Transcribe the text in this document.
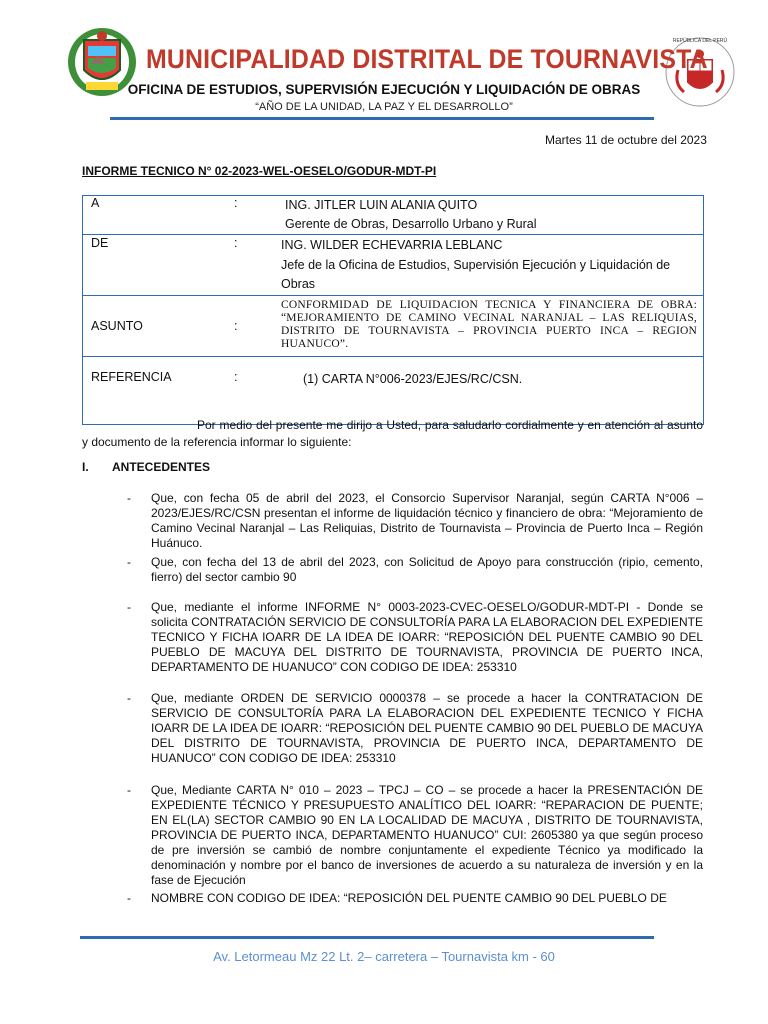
REPÚBLICA DEL PERÚ
MUNICIPALIDAD DISTRITAL DE TOURNAVISTA
OFICINA DE ESTUDIOS, SUPERVISIÓN EJECUCIÓN Y LIQUIDACIÓN DE OBRAS
“AÑO DE LA UNIDAD, LA PAZ Y EL DESARROLLO”
Martes 11 de octubre del 2023
INFORME TECNICO N° 02-2023-WEL-OESELO/GODUR-MDT-PI
A	:	ING. JITLER LUIN ALANIA QUITO
Gerente de Obras, Desarrollo Urbano y Rural

DE	:	ING. WILDER ECHEVARRIA LEBLANC
Jefe de la Oficina de Estudios, Supervisión Ejecución y Liquidación de Obras

ASUNTO	:	CONFORMIDAD DE LIQUIDACION TECNICA Y FINANCIERA DE OBRA: “MEJORAMIENTO DE CAMINO VECINAL NARANJAL – LAS RELIQUIAS, DISTRITO DE TOURNAVISTA – PROVINCIA PUERTO INCA – REGION HUANUCO”.
REFERENCIA	:	(1) CARTA N°006-2023/EJES/RC/CSN.
Por medio del presente me dirijo a Usted, para saludarlo cordialmente y en atención al asunto y documento de la referencia informar lo siguiente:
I. ANTECEDENTES
- Que, con fecha 05 de abril del 2023, el Consorcio Supervisor Naranjal, según CARTA N°006 – 2023/EJES/RC/CSN presentan el informe de liquidación técnico y financiero de obra: “Mejoramiento de Camino Vecinal Naranjal – Las Reliquias, Distrito de Tournavista – Provincia de Puerto Inca – Región Huánuco.
- Que, con fecha del 13 de abril del 2023, con Solicitud de Apoyo para construcción (ripio, cemento, fierro) del sector cambio 90
- Que, mediante el informe INFORME N° 0003-2023-CVEC-OESELO/GODUR-MDT-PI - Donde se solicita CONTRATACIÓN SERVICIO DE CONSULTORÍA PARA LA ELABORACION DEL EXPEDIENTE TECNICO Y FICHA IOARR DE LA IDEA DE IOARR: “REPOSICIÓN DEL PUENTE CAMBIO 90 DEL PUEBLO DE MACUYA DEL DISTRITO DE TOURNAVISTA, PROVINCIA DE PUERTO INCA, DEPARTAMENTO DE HUANUCO” CON CODIGO DE IDEA: 253310
- Que, mediante ORDEN DE SERVICIO 0000378 – se procede a hacer la CONTRATACION DE SERVICIO DE CONSULTORÍA PARA LA ELABORACION DEL EXPEDIENTE TECNICO Y FICHA IOARR DE LA IDEA DE IOARR: “REPOSICIÓN DEL PUENTE CAMBIO 90 DEL PUEBLO DE MACUYA DEL DISTRITO DE TOURNAVISTA, PROVINCIA DE PUERTO INCA, DEPARTAMENTO DE HUANUCO” CON CODIGO DE IDEA: 253310
- Que, Mediante CARTA N° 010 – 2023 – TPCJ – CO – se procede a hacer la PRESENTACIÓN DE EXPEDIENTE TÉCNICO Y PRESUPUESTO ANALÍTICO DEL IOARR: “REPARACION DE PUENTE; EN EL(LA) SECTOR CAMBIO 90 EN LA LOCALIDAD DE MACUYA , DISTRITO DE TOURNAVISTA, PROVINCIA DE PUERTO INCA, DEPARTAMENTO HUANUCO” CUI: 2605380 ya que según proceso de pre inversión se cambió de nombre conjuntamente el expediente Técnico ya modificado la denominación y nombre por el banco de inversiones de acuerdo a su naturaleza de inversión y en la fase de Ejecución
- NOMBRE CON CODIGO DE IDEA: “REPOSICIÓN DEL PUENTE CAMBIO 90 DEL PUEBLO DE
Av. Letormeau Mz 22 Lt. 2– carretera – Tournavista km - 60
